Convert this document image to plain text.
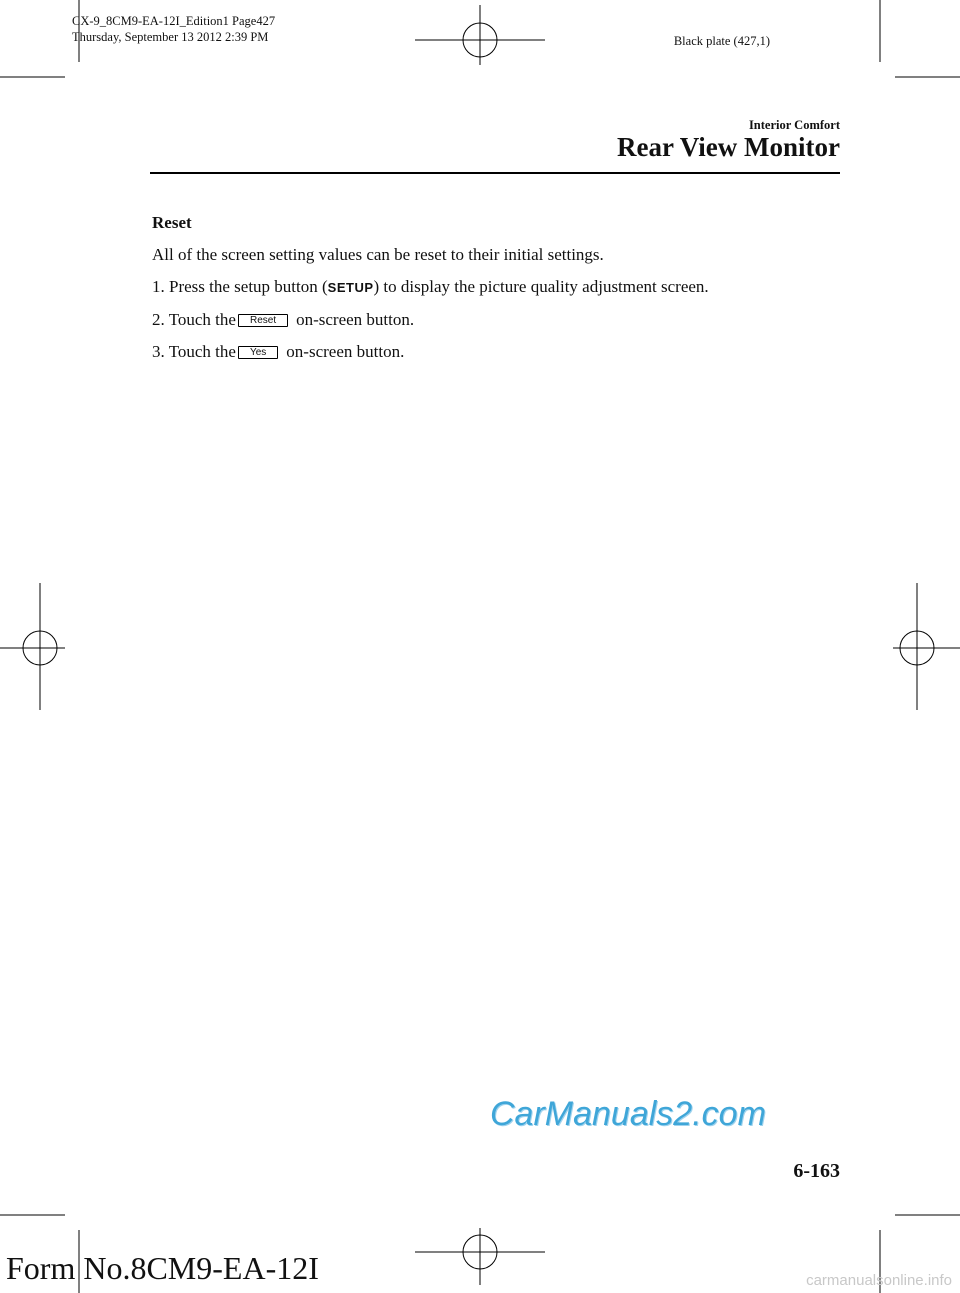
CX-9_8CM9-EA-12I_Edition1 Page427
Thursday, September 13 2012 2:39 PM	Black plate (427,1)
Interior Comfort
Rear View Monitor

Reset

All of the screen setting values can be reset to their initial settings.

1. Press the setup button (SETUP) to display the picture quality adjustment screen.

2. Touch the Reset on-screen button.

3. Touch the Yes on-screen button.

CarManuals2.com
6-163
Form No.8CM9-EA-12I	carmanualsonline.info
